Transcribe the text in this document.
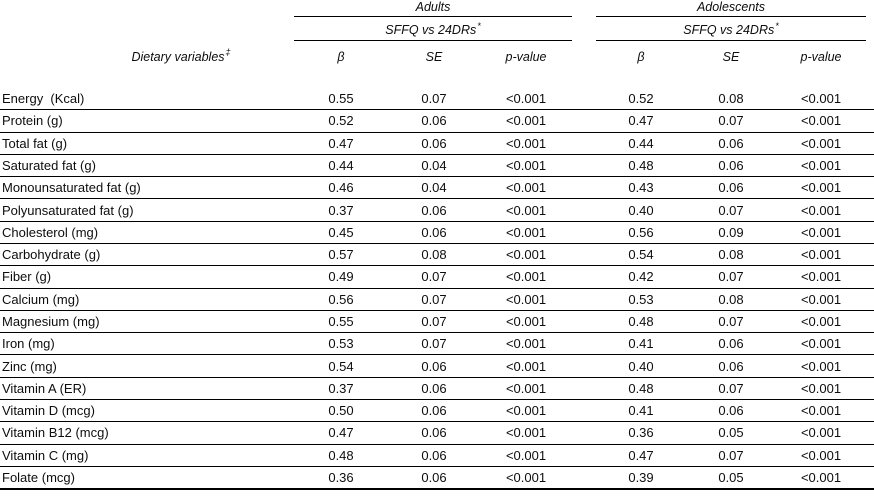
Adults	Adolescents
SFFQ vs 24DRs*	SFFQ vs 24DRs*
Dietary variables‡	β	SE	p-value	β	SE	p-value
Energy  (Kcal)	0.55	0.07	<0.001	0.52	0.08	<0.001
Protein (g)	0.52	0.06	<0.001	0.47	0.07	<0.001
Total fat (g)	0.47	0.06	<0.001	0.44	0.06	<0.001
Saturated fat (g)	0.44	0.04	<0.001	0.48	0.06	<0.001
Monounsaturated fat (g)	0.46	0.04	<0.001	0.43	0.06	<0.001
Polyunsaturated fat (g)	0.37	0.06	<0.001	0.40	0.07	<0.001
Cholesterol (mg)	0.45	0.06	<0.001	0.56	0.09	<0.001
Carbohydrate (g)	0.57	0.08	<0.001	0.54	0.08	<0.001
Fiber (g)	0.49	0.07	<0.001	0.42	0.07	<0.001
Calcium (mg)	0.56	0.07	<0.001	0.53	0.08	<0.001
Magnesium (mg)	0.55	0.07	<0.001	0.48	0.07	<0.001
Iron (mg)	0.53	0.07	<0.001	0.41	0.06	<0.001
Zinc (mg)	0.54	0.06	<0.001	0.40	0.06	<0.001
Vitamin A (ER)	0.37	0.06	<0.001	0.48	0.07	<0.001
Vitamin D (mcg)	0.50	0.06	<0.001	0.41	0.06	<0.001
Vitamin B12 (mcg)	0.47	0.06	<0.001	0.36	0.05	<0.001
Vitamin C (mg)	0.48	0.06	<0.001	0.47	0.07	<0.001
Folate (mcg)	0.36	0.06	<0.001	0.39	0.05	<0.001
